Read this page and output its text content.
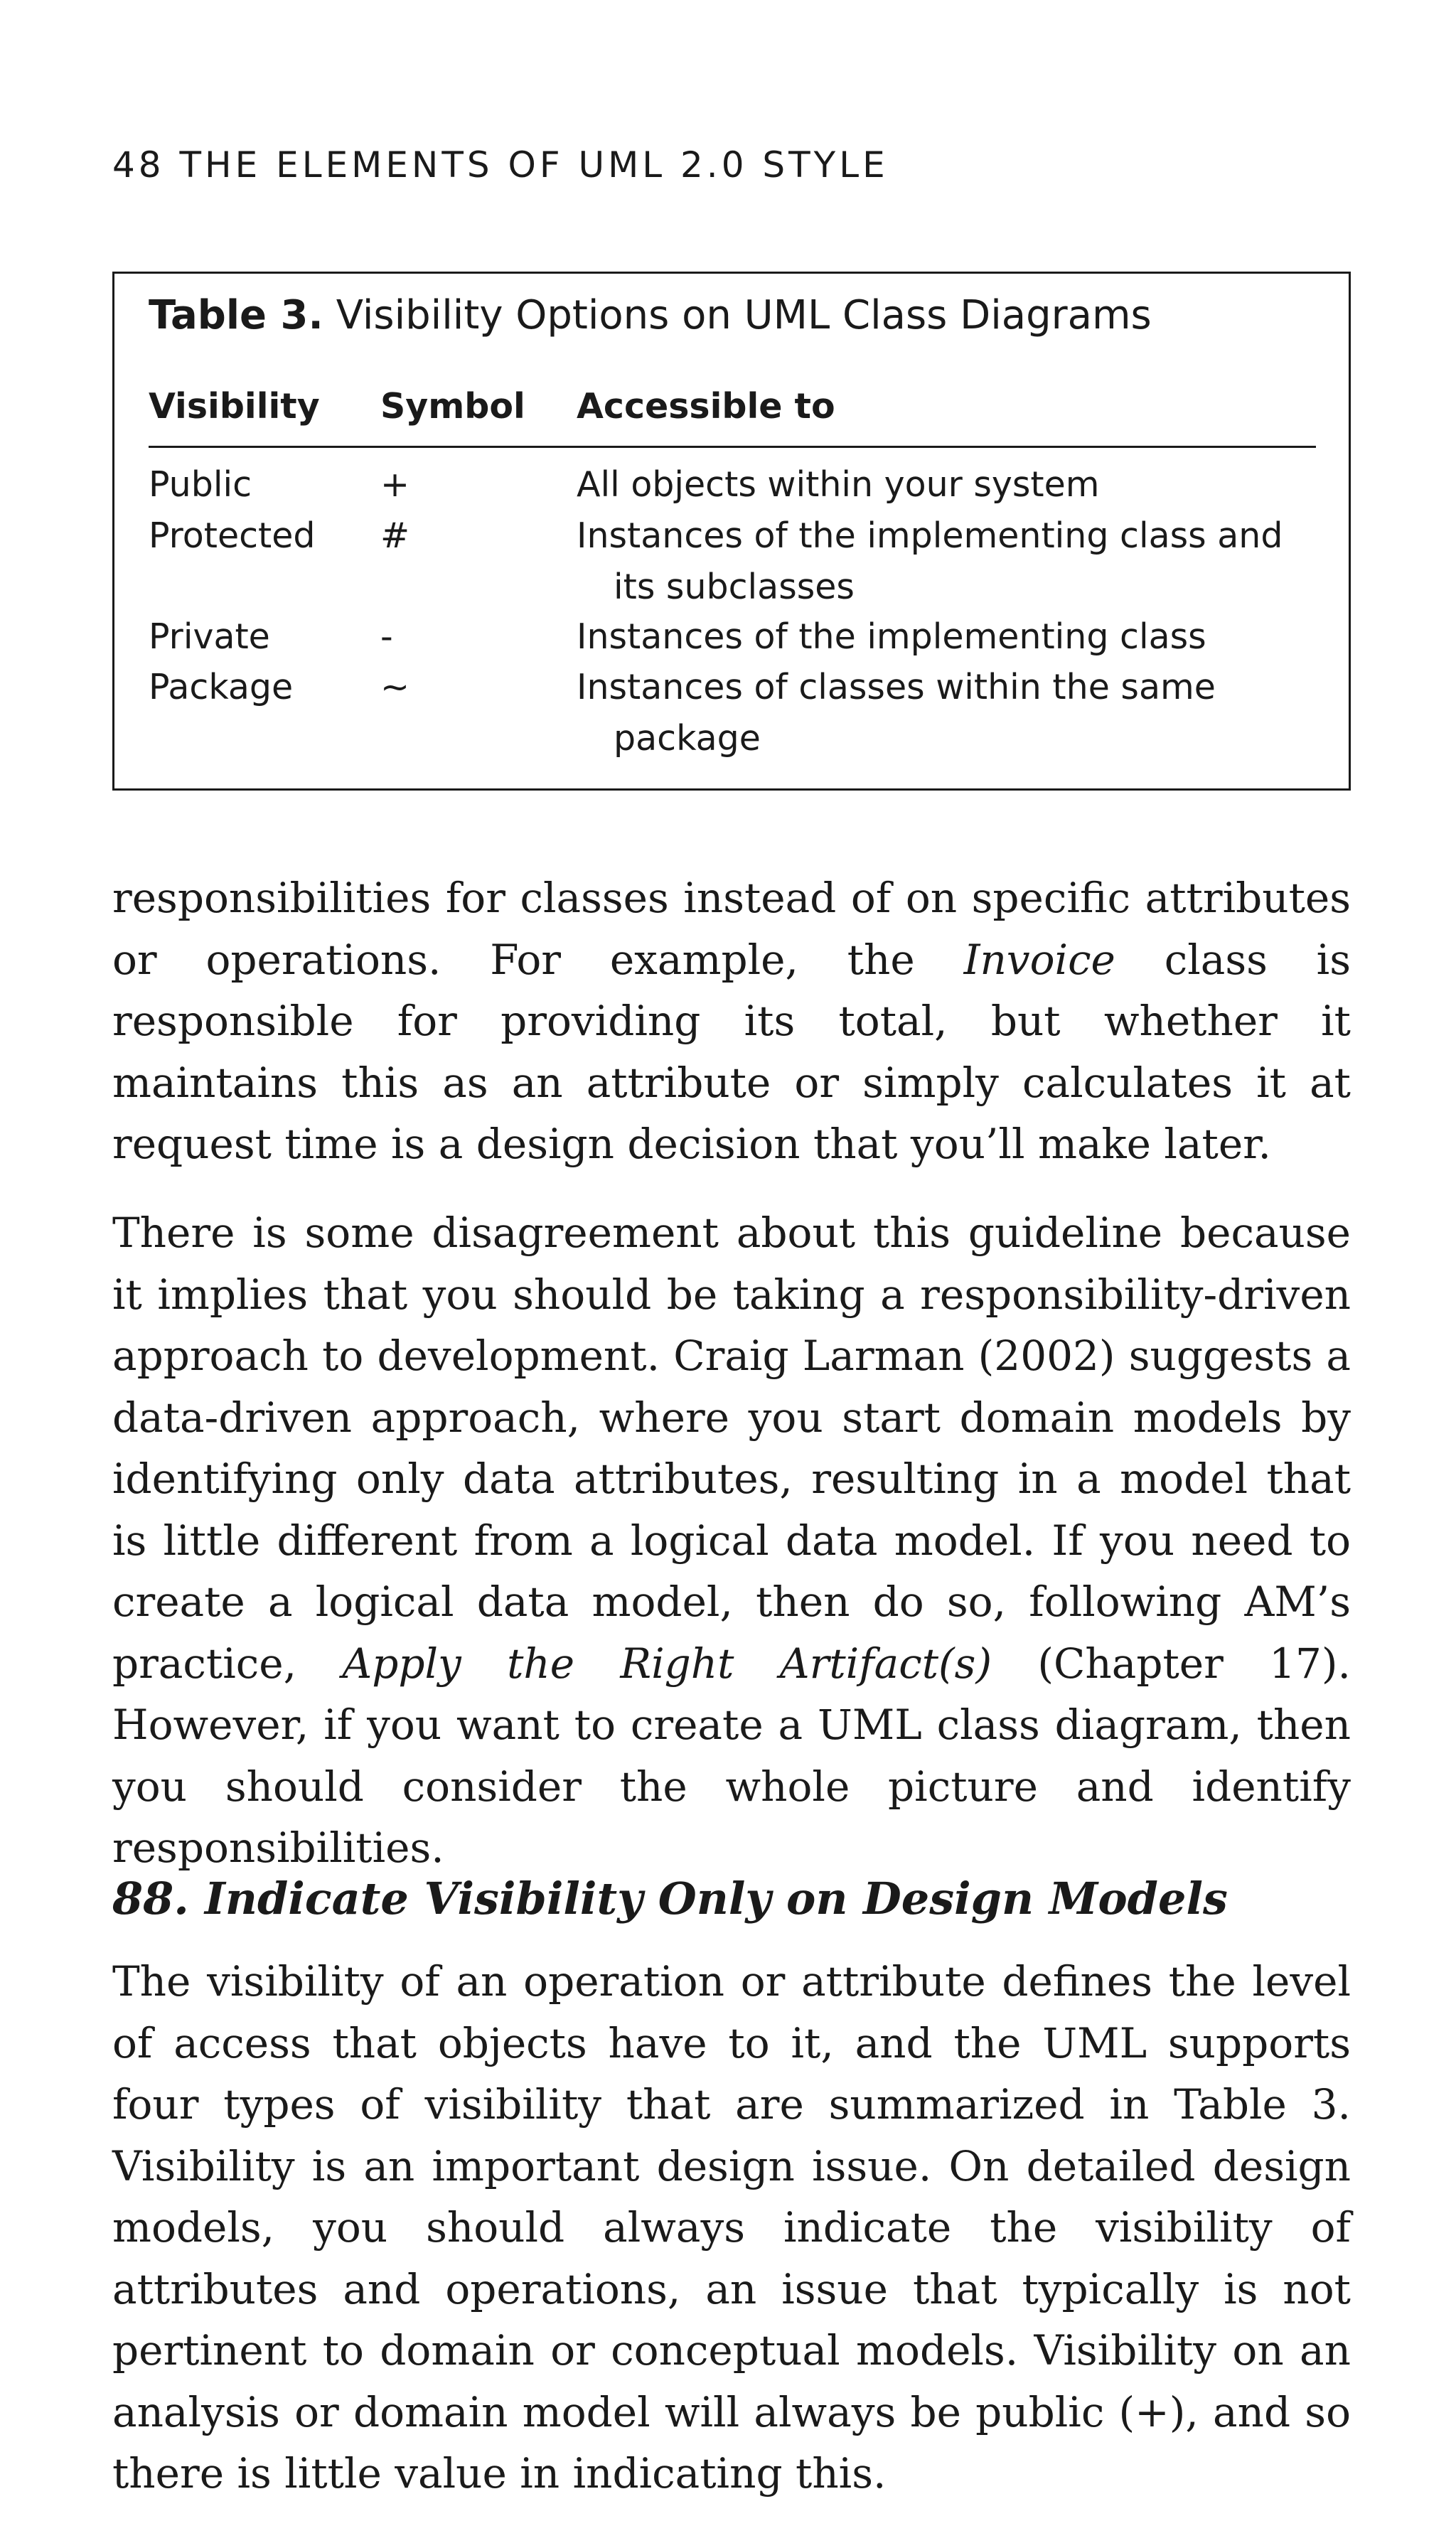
48 THE ELEMENTS OF UML 2.0 STYLE
Table 3. Visibility Options on UML Class Diagrams
Visibility Symbol Accessible to
Public	+	All objects within your system
Protected #	Instances of the implementing class and
its subclasses
Private	-	Instances of the implementing class
Package	~	Instances of classes within the same
package

responsibilities for classes instead of on specific attributes or operations. For example, the Invoice class is responsible for providing its total, but whether it maintains this as an attribute or simply calculates it at request time is a design decision that you’ll make later.

There is some disagreement about this guideline because it implies that you should be taking a responsibility-driven approach to development. Craig Larman (2002) suggests a data-driven approach, where you start domain models by identifying only data attributes, resulting in a model that is little different from a logical data model. If you need to create a logical data model, then do so, following AM’s practice, Apply the Right Artifact(s) (Chapter 17). However, if you want to create a UML class diagram, then you should consider the whole picture and identify responsibilities.

88. Indicate Visibility Only on Design Models

The visibility of an operation or attribute defines the level of access that objects have to it, and the UML supports four types of visibility that are summarized in Table 3. Visibility is an important design issue. On detailed design models, you should always indicate the visibility of attributes and operations, an issue that typically is not pertinent to domain or conceptual models. Visibility on an analysis or domain model will always be public (+), and so there is little value in indicating this.
